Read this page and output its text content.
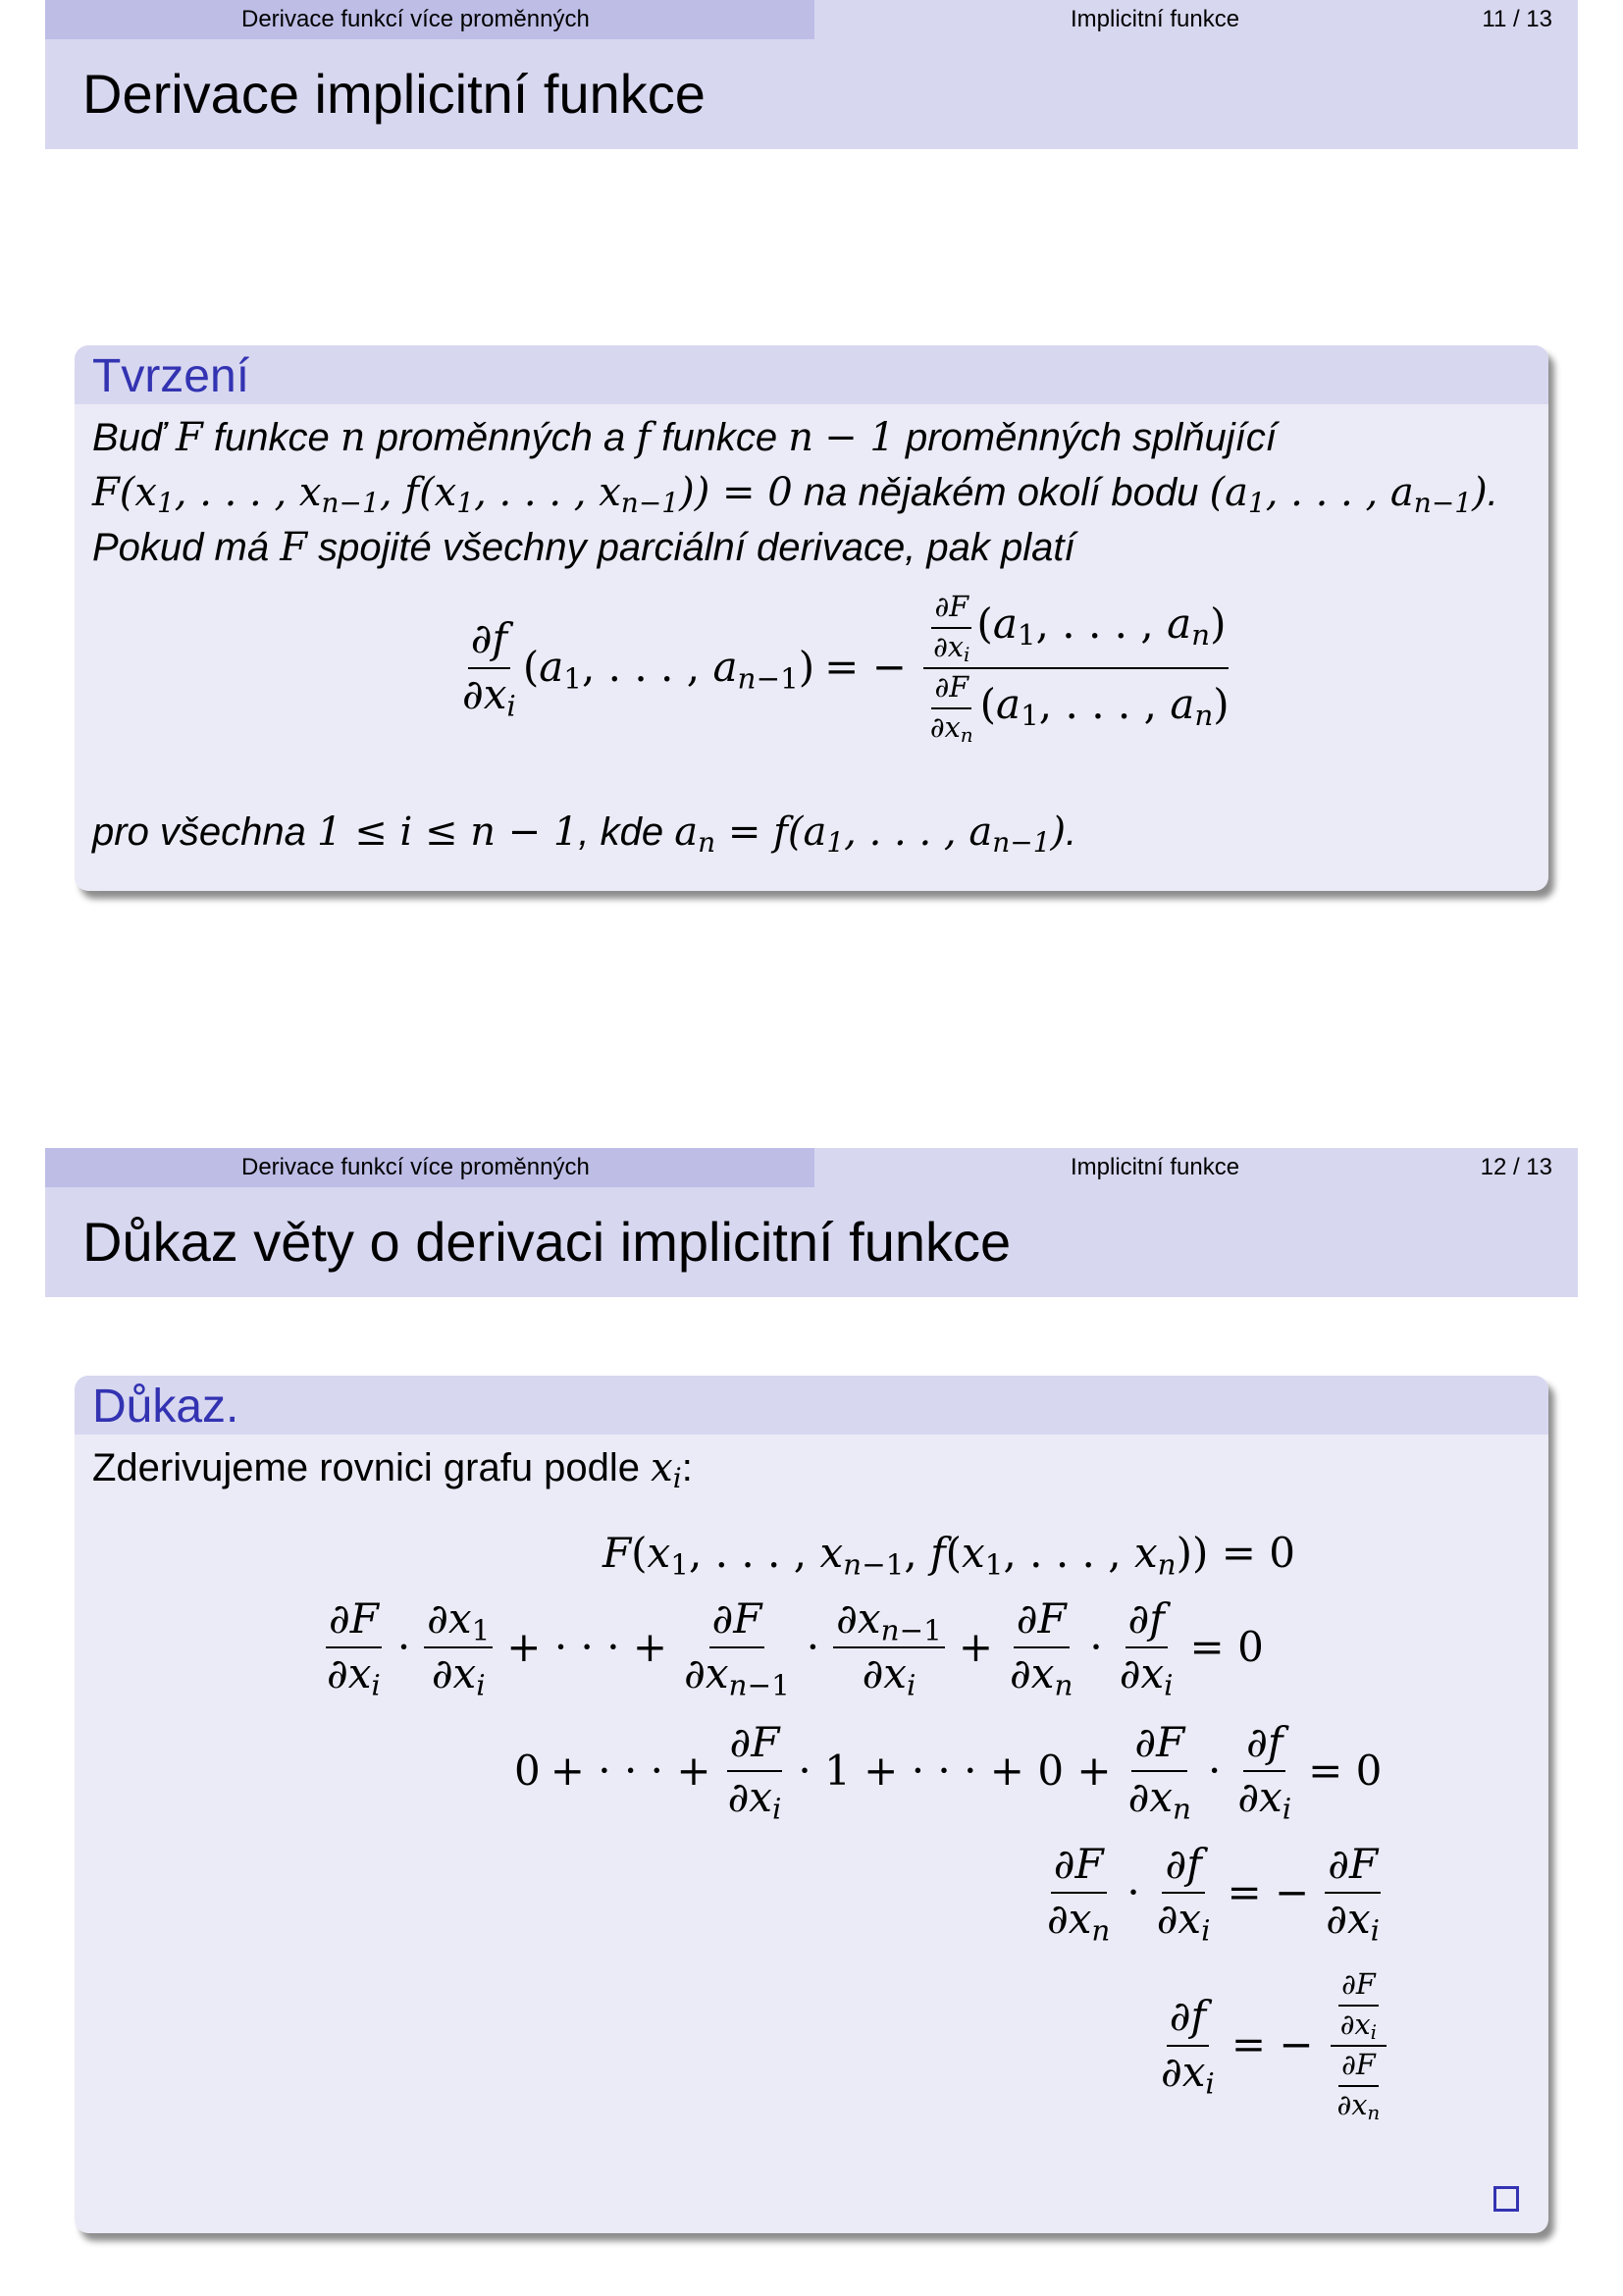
Derivace funkcí více proměnných	Implicitní funkce	11 / 13
Derivace implicitní funkce
Tvrzení
Buď F funkce n proměnných a f funkce n − 1 proměnných splňující
$F(x_1$, . . . , $x_{n-1}$, $f(x_1$, . . . , $x_{n-1})) = 0$ na nějakém okolí bodu ($a_1$, . . . , $a_{n-1}$).
Pokud má F spojité všechny parciální derivace, pak platí
$\frac{\partial f}{\partial x_i} (a_1$, . . . , $a_{n-1}$) = − $\frac{\frac{\partial F}{\partial x_i} (a_1, . . . , a_n)}{\frac{\partial F}{\partial x_n} (a_1, . . . , a_n)}$
pro všechna 1 ≤ i ≤ n − 1, kde $a_n = f(a_1$, . . . , $a_{n-1}$).
Derivace funkcí více proměnných	Implicitní funkce	12 / 13
Důkaz věty o derivaci implicitní funkce
Důkaz.
Zderivujeme rovnici grafu podle $x_i$:
$F(x_1$, . . . , $x_{n-1}$, $f(x_1$, . . . , $x_n)) = 0$
$\frac{\partial F}{\partial x_i} \cdot \frac{\partial x_1}{\partial x_i}$ + · · · + $\frac{\partial F}{\partial x_{n-1}} \cdot \frac{\partial x_{n-1}}{\partial x_i} + \frac{\partial F}{\partial x_n} \cdot \frac{\partial f}{\partial x_i} = 0$
0 + · · · + $\frac{\partial F}{\partial x_i} \cdot 1$ + · · · + $0 + \frac{\partial F}{\partial x_n} \cdot \frac{\partial f}{\partial x_i} = 0$
$\frac{\partial F}{\partial x_n} \cdot \frac{\partial f}{\partial x_i}$ = − $\frac{\partial F}{\partial x_i}$
$\frac{\partial f}{\partial x_i}$ = − $\frac{\frac{\partial F}{\partial x_i}}{\frac{\partial F}{\partial x_n}}$
